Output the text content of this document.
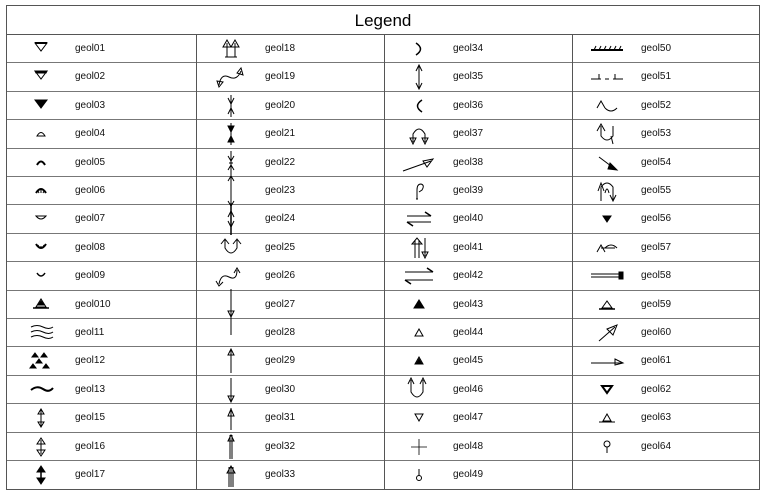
Legend
geol01
geol02
geol03
geol04
geol05
geol06
geol07
geol08
geol09
geol010
geol11
geol12
geol13
geol15
geol16
geol17
geol18
geol19
geol20
geol21
geol22
geol23
geol24
geol25
geol26
geol27
geol28
geol29
geol30
geol31
geol32
geol33
geol34
geol35
geol36
geol37
geol38
geol39
geol40
geol41
geol42
geol43
geol44
geol45
geol46
geol47
geol48
geol49
geol50
geol51
geol52
geol53
geol54
geol55
geol56
geol57
geol58
geol59
geol60
geol61
geol62
geol63
geol64
